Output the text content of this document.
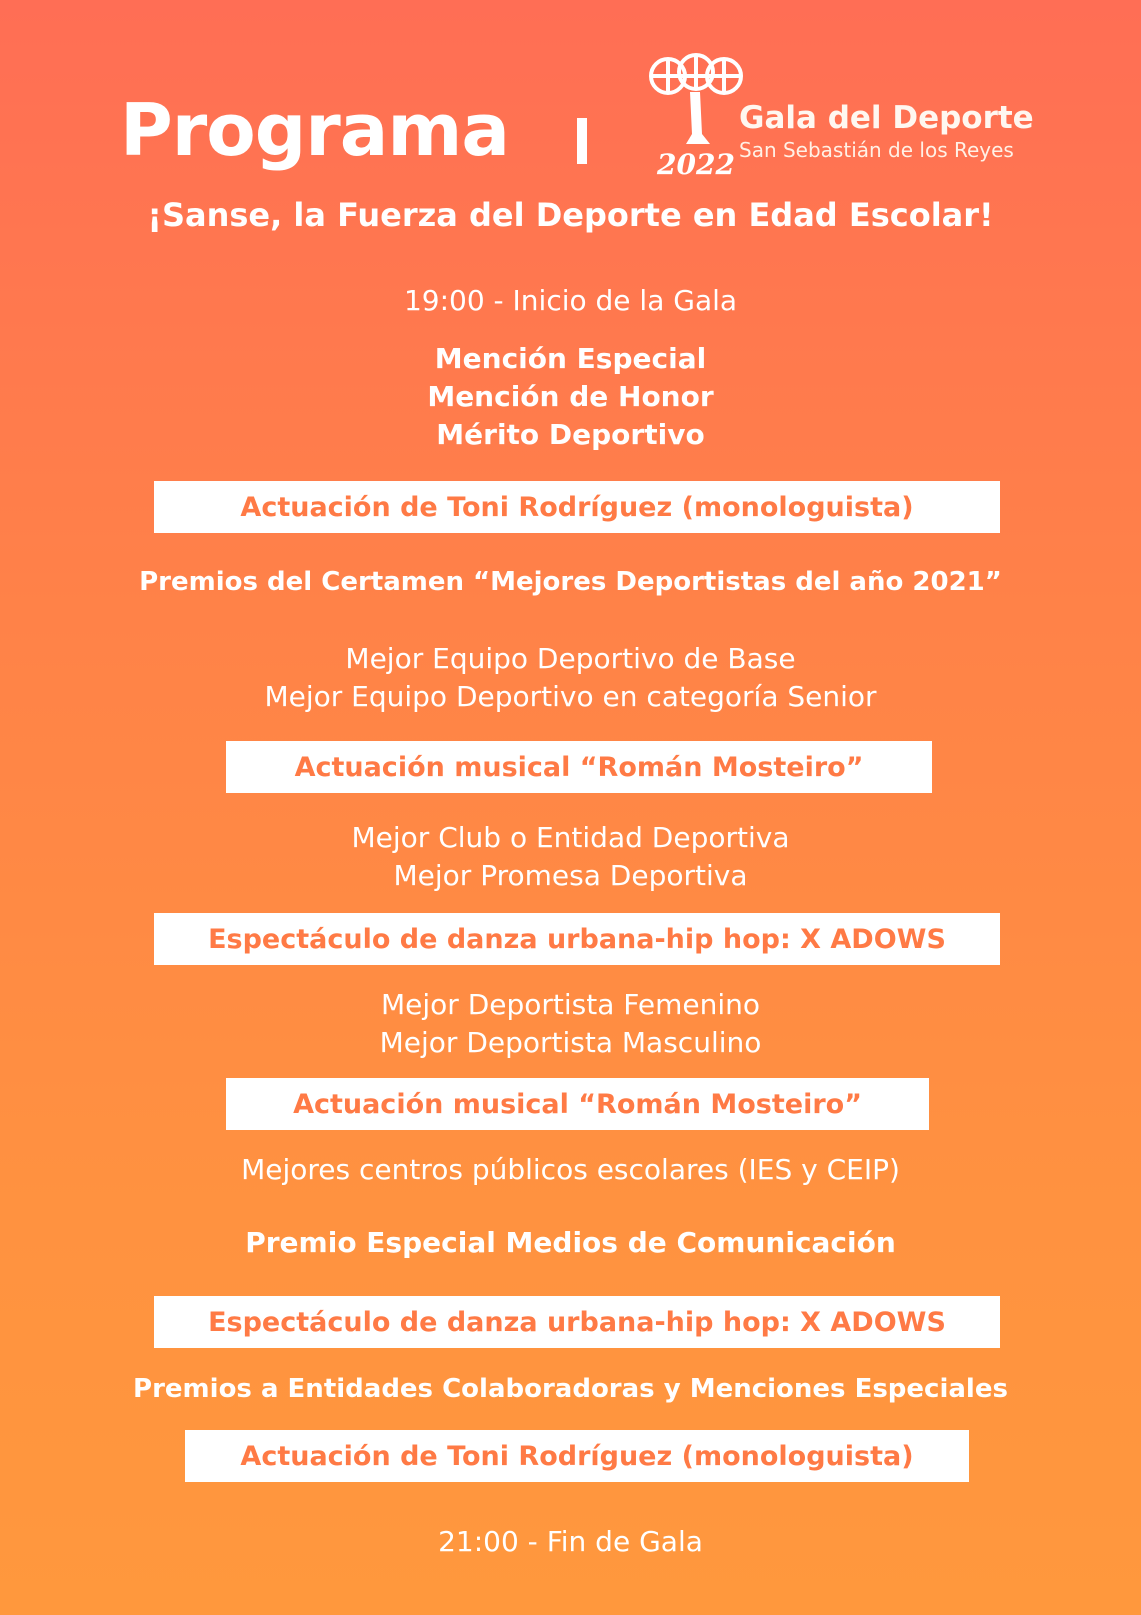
Programa	2022
Gala del Deporte
San Sebastián de los Reyes
¡Sanse, la Fuerza del Deporte en Edad Escolar!
19:00 - Inicio de la Gala
Mención Especial
Mención de Honor
Mérito Deportivo
Actuación de Toni Rodríguez (monologuista)
Premios del Certamen “Mejores Deportistas del año 2021”
Mejor Equipo Deportivo de Base
Mejor Equipo Deportivo en categoría Senior
Actuación musical “Román Mosteiro”
Mejor Club o Entidad Deportiva
Mejor Promesa Deportiva
Espectáculo de danza urbana-hip hop: X ADOWS
Mejor Deportista Femenino
Mejor Deportista Masculino
Actuación musical “Román Mosteiro”
Mejores centros públicos escolares (IES y CEIP)
Premio Especial Medios de Comunicación
Espectáculo de danza urbana-hip hop: X ADOWS
Premios a Entidades Colaboradoras y Menciones Especiales
Actuación de Toni Rodríguez (monologuista)
21:00 - Fin de Gala
